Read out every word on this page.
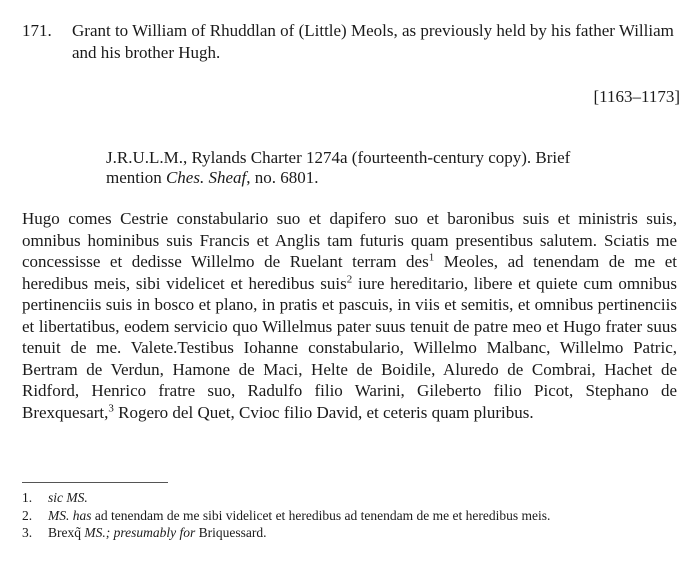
171. Grant to William of Rhuddlan of (Little) Meols, as previously held by his father William and his brother Hugh.
[1163–1173]
J.R.U.L.M., Rylands Charter 1274a (fourteenth-century copy). Brief mention Ches. Sheaf, no. 6801.
Hugo comes Cestrie constabulario suo et dapifero suo et baronibus suis et ministris suis, omnibus hominibus suis Francis et Anglis tam futuris quam presentibus salutem. Sciatis me concessisse et dedisse Willelmo de Ruelant terram des$^1$ Meoles, ad tenendam de me et heredibus meis, sibi videlicet et heredibus suis$^2$ iure hereditario, libere et quiete cum omnibus pertinenciis suis in bosco et plano, in pratis et pascuis, in viis et semitis, et omnibus pertinenciis et libertatibus, eodem servicio quo Willelmus pater suus tenuit de patre meo et Hugo frater suus tenuit de me. Valete.Testibus Iohanne constabulario, Willelmo Malbanc, Willelmo Patric, Bertram de Verdun, Hamone de Maci, Helte de Boidile, Aluredo de Combrai, Hachet de Ridford, Henrico fratre suo, Radulfo filio Warini, Gileberto filio Picot, Stephano de Brexquesart,$^3$ Rogero del Quet, Cvioc filio David, et ceteris quam pluribus.
1. sic MS.
2. MS. has ad tenendam de me sibi videlicet et heredibus ad tenendam de me et heredibus meis.
3. Brexq̃ MS.; presumably for Briquessard.
